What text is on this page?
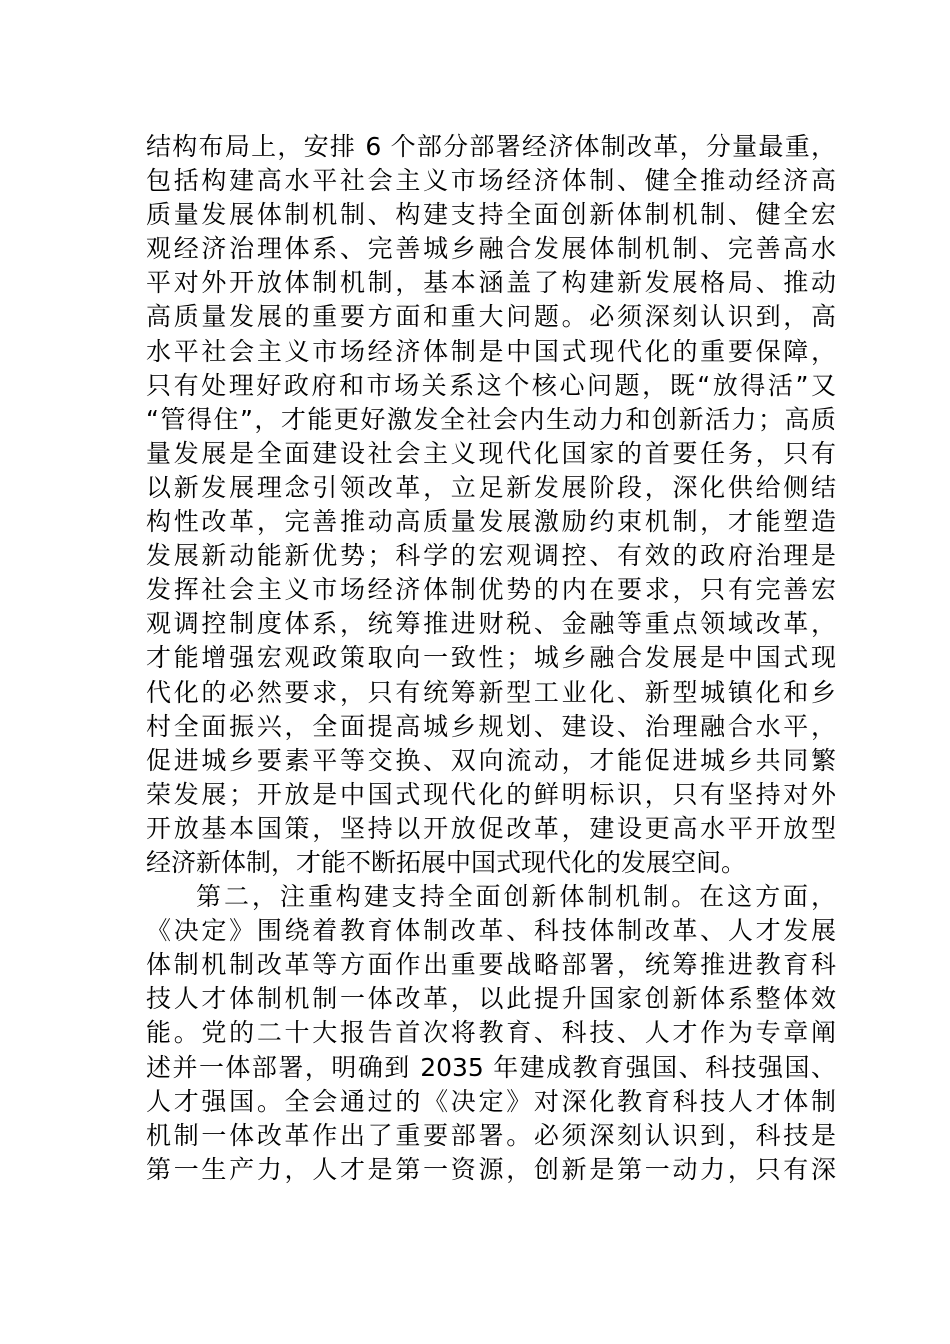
结构布局上，安排 6 个部分部署经济体制改革，分量最重，
包括构建高水平社会主义市场经济体制、健全推动经济高
质量发展体制机制、构建支持全面创新体制机制、健全宏
观经济治理体系、完善城乡融合发展体制机制、完善高水
平对外开放体制机制，基本涵盖了构建新发展格局、推动
高质量发展的重要方面和重大问题。必须深刻认识到，高
水平社会主义市场经济体制是中国式现代化的重要保障，
只有处理好政府和市场关系这个核心问题，既“放得活”又
“管得住”，才能更好激发全社会内生动力和创新活力；高质
量发展是全面建设社会主义现代化国家的首要任务，只有
以新发展理念引领改革，立足新发展阶段，深化供给侧结
构性改革，完善推动高质量发展激励约束机制，才能塑造
发展新动能新优势；科学的宏观调控、有效的政府治理是
发挥社会主义市场经济体制优势的内在要求，只有完善宏
观调控制度体系，统筹推进财税、金融等重点领域改革，
才能增强宏观政策取向一致性；城乡融合发展是中国式现
代化的必然要求，只有统筹新型工业化、新型城镇化和乡
村全面振兴，全面提高城乡规划、建设、治理融合水平，
促进城乡要素平等交换、双向流动，才能促进城乡共同繁
荣发展；开放是中国式现代化的鲜明标识，只有坚持对外
开放基本国策，坚持以开放促改革，建设更高水平开放型
经济新体制，才能不断拓展中国式现代化的发展空间。
第二，注重构建支持全面创新体制机制。在这方面，
《决定》围绕着教育体制改革、科技体制改革、人才发展
体制机制改革等方面作出重要战略部署，统筹推进教育科
技人才体制机制一体改革，以此提升国家创新体系整体效
能。党的二十大报告首次将教育、科技、人才作为专章阐
述并一体部署，明确到 2035 年建成教育强国、科技强国、
人才强国。全会通过的《决定》对深化教育科技人才体制
机制一体改革作出了重要部署。必须深刻认识到，科技是
第一生产力，人才是第一资源，创新是第一动力，只有深
